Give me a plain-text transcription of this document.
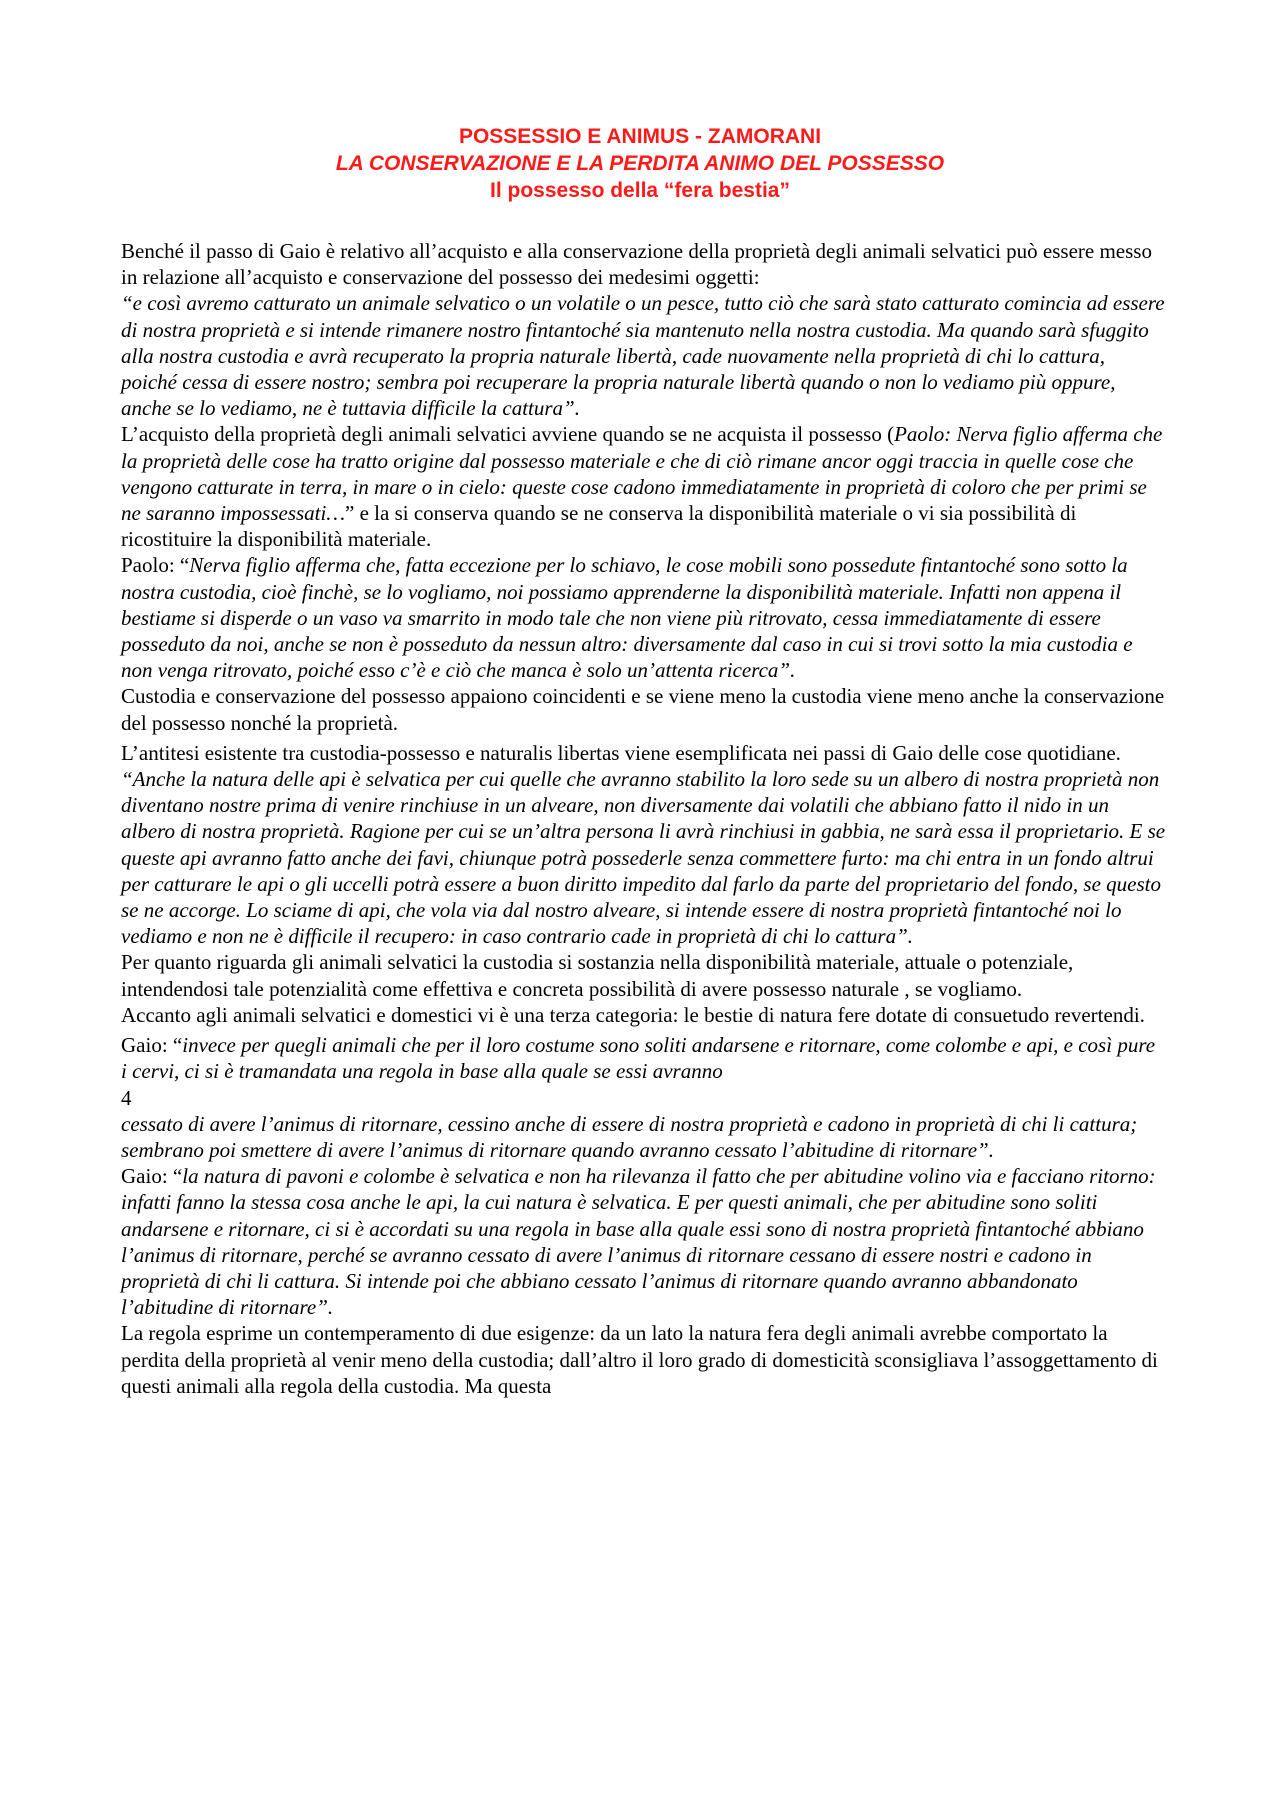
POSSESSIO E ANIMUS - ZAMORANI
LA CONSERVAZIONE E LA PERDITA ANIMO DEL POSSESSO
Il possesso della “fera bestia”

Benché il passo di Gaio è relativo all’acquisto e alla conservazione della proprietà degli animali selvatici può essere messo in relazione all’acquisto e conservazione del possesso dei medesimi oggetti:

“e così avremo catturato un animale selvatico o un volatile o un pesce, tutto ciò che sarà stato catturato comincia ad essere di nostra proprietà e si intende rimanere nostro fintantoché sia mantenuto nella nostra custodia. Ma quando sarà sfuggito alla nostra custodia e avrà recuperato la propria naturale libertà, cade nuovamente nella proprietà di chi lo cattura, poiché cessa di essere nostro; sembra poi recuperare la propria naturale libertà quando o non lo vediamo più oppure, anche se lo vediamo, ne è tuttavia difficile la cattura”.

L’acquisto della proprietà degli animali selvatici avviene quando se ne acquista il possesso (Paolo: Nerva figlio afferma che la proprietà delle cose ha tratto origine dal possesso materiale e che di ciò rimane ancor oggi traccia in quelle cose che vengono catturate in terra, in mare o in cielo: queste cose cadono immediatamente in proprietà di coloro che per primi se ne saranno impossessati…” e la si conserva quando se ne conserva la disponibilità materiale o vi sia possibilità di ricostituire la disponibilità materiale.

Paolo: “Nerva figlio afferma che, fatta eccezione per lo schiavo, le cose mobili sono possedute fintantoché sono sotto la nostra custodia, cioè finchè, se lo vogliamo, noi possiamo apprenderne la disponibilità materiale. Infatti non appena il bestiame si disperde o un vaso va smarrito in modo tale che non viene più ritrovato, cessa immediatamente di essere posseduto da noi, anche se non è posseduto da nessun altro: diversamente dal caso in cui si trovi sotto la mia custodia e non venga ritrovato, poiché esso c’è e ciò che manca è solo un’attenta ricerca”.

Custodia e conservazione del possesso appaiono coincidenti e se viene meno la custodia viene meno anche la conservazione del possesso nonché la proprietà.

L’antitesi esistente tra custodia-possesso e naturalis libertas viene esemplificata nei passi di Gaio delle cose quotidiane.

“Anche la natura delle api è selvatica per cui quelle che avranno stabilito la loro sede su un albero di nostra proprietà non diventano nostre prima di venire rinchiuse in un alveare, non diversamente dai volatili che abbiano fatto il nido in un albero di nostra proprietà. Ragione per cui se un’altra persona li avrà rinchiusi in gabbia, ne sarà essa il proprietario. E se queste api avranno fatto anche dei favi, chiunque potrà possederle senza commettere furto: ma chi entra in un fondo altrui per catturare le api o gli uccelli potrà essere a buon diritto impedito dal farlo da parte del proprietario del fondo, se questo se ne accorge. Lo sciame di api, che vola via dal nostro alveare, si intende essere di nostra proprietà fintantoché noi lo vediamo e non ne è difficile il recupero: in caso contrario cade in proprietà di chi lo cattura”.

Per quanto riguarda gli animali selvatici la custodia si sostanzia nella disponibilità materiale, attuale o potenziale, intendendosi tale potenzialità come effettiva e concreta possibilità di avere possesso naturale , se vogliamo.

Accanto agli animali selvatici e domestici vi è una terza categoria: le bestie di natura fere dotate di consuetudo revertendi.

Gaio: “invece per quegli animali che per il loro costume sono soliti andarsene e ritornare, come colombe e api, e così pure i cervi, ci si è tramandata una regola in base alla quale se essi avranno

4

cessato di avere l’animus di ritornare, cessino anche di essere di nostra proprietà e cadono in proprietà di chi li cattura; sembrano poi smettere di avere l’animus di ritornare quando avranno cessato l’abitudine di ritornare”.

Gaio: “la natura di pavoni e colombe è selvatica e non ha rilevanza il fatto che per abitudine volino via e facciano ritorno: infatti fanno la stessa cosa anche le api, la cui natura è selvatica. E per questi animali, che per abitudine sono soliti andarsene e ritornare, ci si è accordati su una regola in base alla quale essi sono di nostra proprietà fintantoché abbiano l’animus di ritornare, perché se avranno cessato di avere l’animus di ritornare cessano di essere nostri e cadono in proprietà di chi li cattura. Si intende poi che abbiano cessato l’animus di ritornare quando avranno abbandonato l’abitudine di ritornare”.

La regola esprime un contemperamento di due esigenze: da un lato la natura fera degli animali avrebbe comportato la perdita della proprietà al venir meno della custodia; dall’altro il loro grado di domesticità sconsigliava l’assoggettamento di questi animali alla regola della custodia. Ma questa
